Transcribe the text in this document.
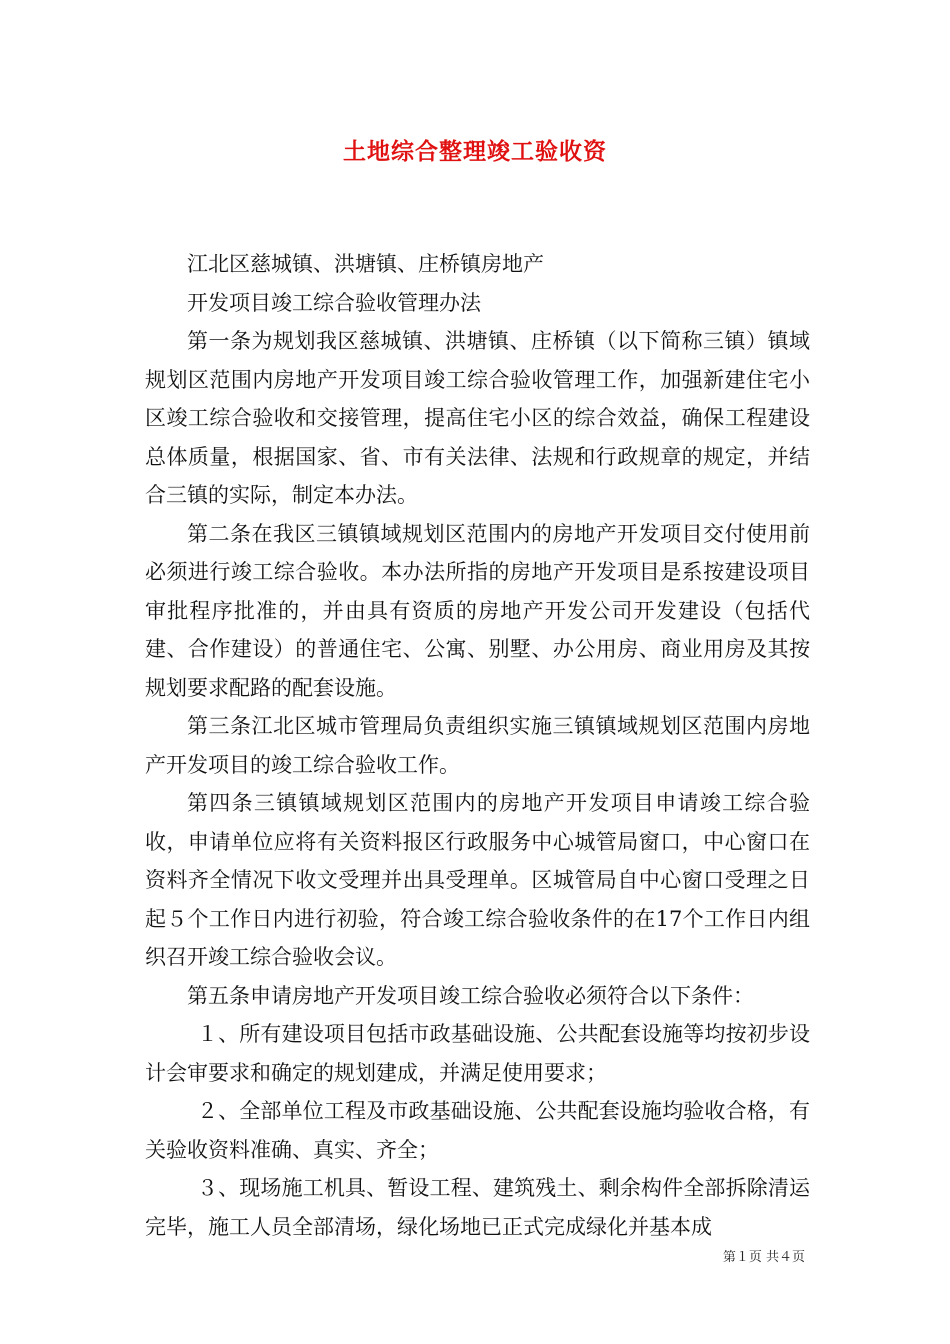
土地综合整理竣工验收资

江北区慈城镇、洪塘镇、庄桥镇房地产

开发项目竣工综合验收管理办法

第一条为规划我区慈城镇、洪塘镇、庄桥镇（以下简称三镇）镇域规划区范围内房地产开发项目竣工综合验收管理工作，加强新建住宅小区竣工综合验收和交接管理，提高住宅小区的综合效益，确保工程建设总体质量，根据国家、省、市有关法律、法规和行政规章的规定，并结合三镇的实际，制定本办法。

第二条在我区三镇镇域规划区范围内的房地产开发项目交付使用前必须进行竣工综合验收。本办法所指的房地产开发项目是系按建设项目审批程序批准的，并由具有资质的房地产开发公司开发建设（包括代建、合作建设）的普通住宅、公寓、别墅、办公用房、商业用房及其按规划要求配路的配套设施。

第三条江北区城市管理局负责组织实施三镇镇域规划区范围内房地产开发项目的竣工综合验收工作。

第四条三镇镇域规划区范围内的房地产开发项目申请竣工综合验收，申请单位应将有关资料报区行政服务中心城管局窗口，中心窗口在资料齐全情况下收文受理并出具受理单。区城管局自中心窗口受理之日起５个工作日内进行初验，符合竣工综合验收条件的在17个工作日内组织召开竣工综合验收会议。

第五条申请房地产开发项目竣工综合验收必须符合以下条件：

１、所有建设项目包括市政基础设施、公共配套设施等均按初步设计会审要求和确定的规划建成，并满足使用要求；

２、全部单位工程及市政基础设施、公共配套设施均验收合格，有关验收资料准确、真实、齐全；

３、现场施工机具、暂设工程、建筑残土、剩余构件全部拆除清运完毕，施工人员全部清场，绿化场地已正式完成绿化并基本成

第１页 共４页
